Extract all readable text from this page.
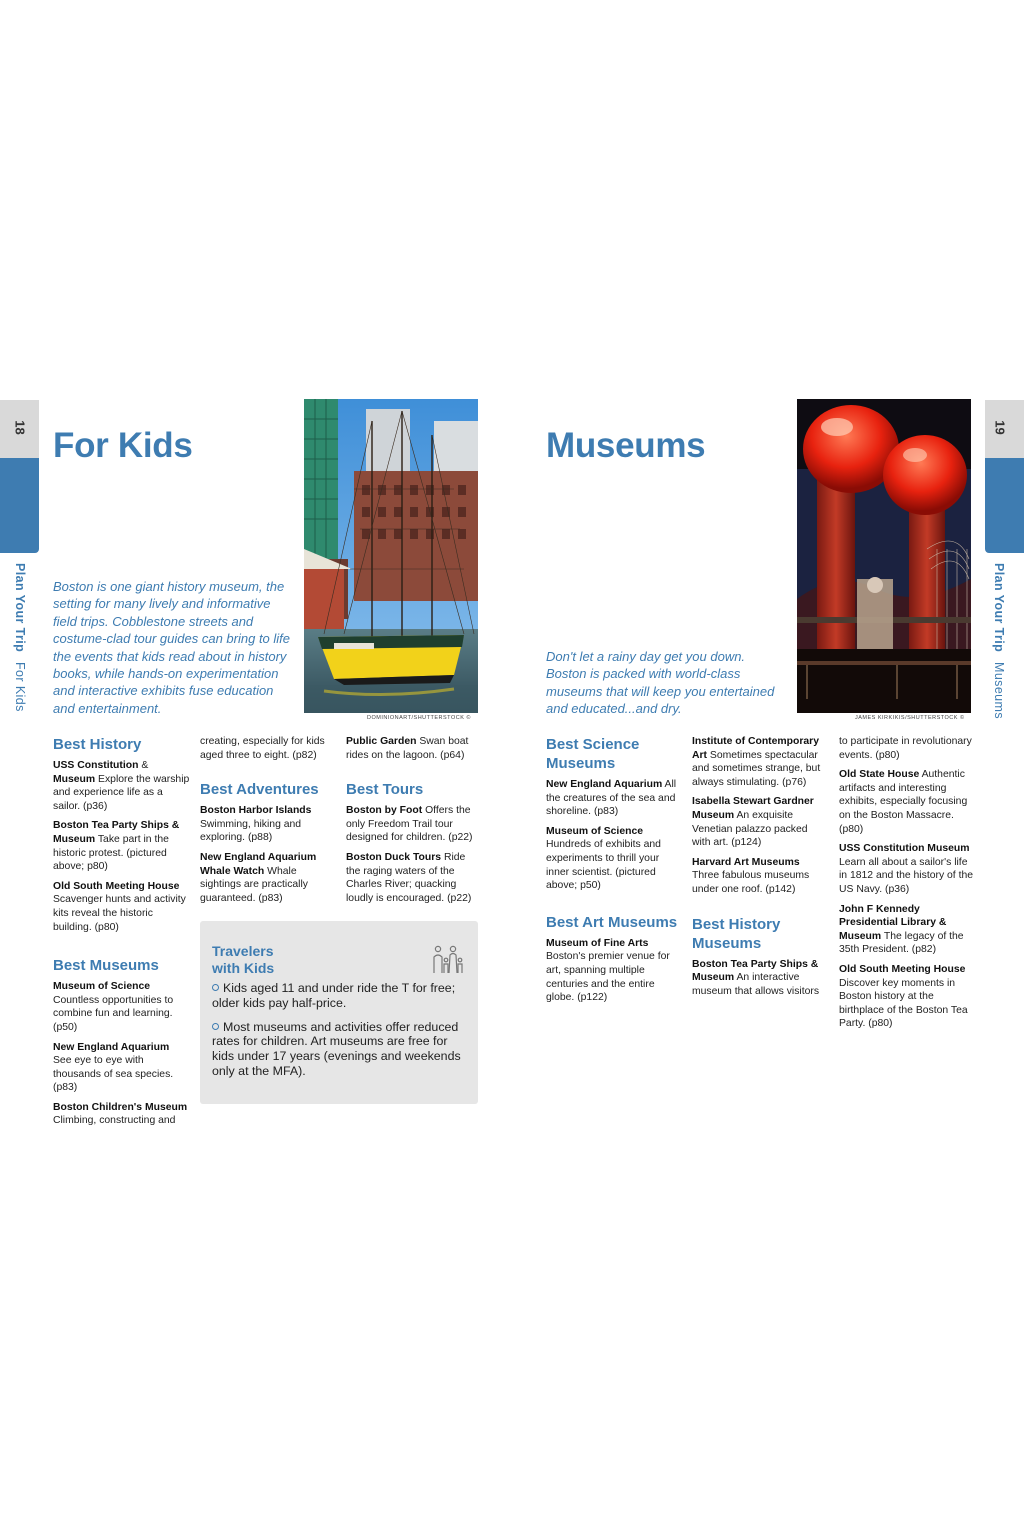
18
Plan Your Trip For Kids
For Kids
Boston is one giant history museum, the setting for many lively and informative field trips. Cobblestone streets and costume-clad tour guides can bring to life the events that kids read about in history books, while hands-on experimentation and interactive exhibits fuse education and entertainment.
DOMINIONART/SHUTTERSTOCK ©
Best History

USS Constitution & Museum Explore the warship and experience life as a sailor. (p36)

Boston Tea Party Ships & Museum Take part in the historic protest. (pictured above; p80)

Old South Meeting House Scavenger hunts and activity kits reveal the historic building. (p80)

Best Museums

Museum of Science Countless opportunities to combine fun and learning. (p50)

New England Aquarium See eye to eye with thousands of sea species. (p83)

Boston Children's Museum Climbing, constructing and

creating, especially for kids aged three to eight. (p82)

Best Adventures

Boston Harbor Islands Swimming, hiking and exploring. (p88)

New England Aquarium Whale Watch Whale sightings are practically guaranteed. (p83)

Public Garden Swan boat rides on the lagoon. (p64)

Best Tours

Boston by Foot Offers the only Freedom Trail tour designed for children. (p22)

Boston Duck Tours Ride the raging waters of the Charles River; quacking loudly is encouraged. (p22)

Travelers with Kids

Kids aged 11 and under ride the T for free; older kids pay half-price.

Most museums and activities offer reduced rates for children. Art museums are free for kids under 17 years (evenings and weekends only at the MFA).

19
Plan Your Trip Museums
Museums
Don't let a rainy day get you down. Boston is packed with world-class museums that will keep you entertained and educated...and dry.
JAMES KIRKIKIS/SHUTTERSTOCK ©
Best Science Museums

New England Aquarium All the creatures of the sea and shoreline. (p83)

Museum of Science Hundreds of exhibits and experiments to thrill your inner scientist. (pictured above; p50)

Best Art Museums

Museum of Fine Arts Boston's premier venue for art, spanning multiple centuries and the entire globe. (p122)

Institute of Contemporary Art Sometimes spectacular and sometimes strange, but always stimulating. (p76)

Isabella Stewart Gardner Museum An exquisite Venetian palazzo packed with art. (p124)

Harvard Art Museums Three fabulous museums under one roof. (p142)

Best History Museums

Boston Tea Party Ships & Museum An interactive museum that allows visitors

to participate in revolutionary events. (p80)

Old State House Authentic artifacts and interesting exhibits, especially focusing on the Boston Massacre. (p80)

USS Constitution Museum Learn all about a sailor's life in 1812 and the history of the US Navy. (p36)

John F Kennedy Presidential Library & Museum The legacy of the 35th President. (p82)

Old South Meeting House Discover key moments in Boston history at the birthplace of the Boston Tea Party. (p80)
